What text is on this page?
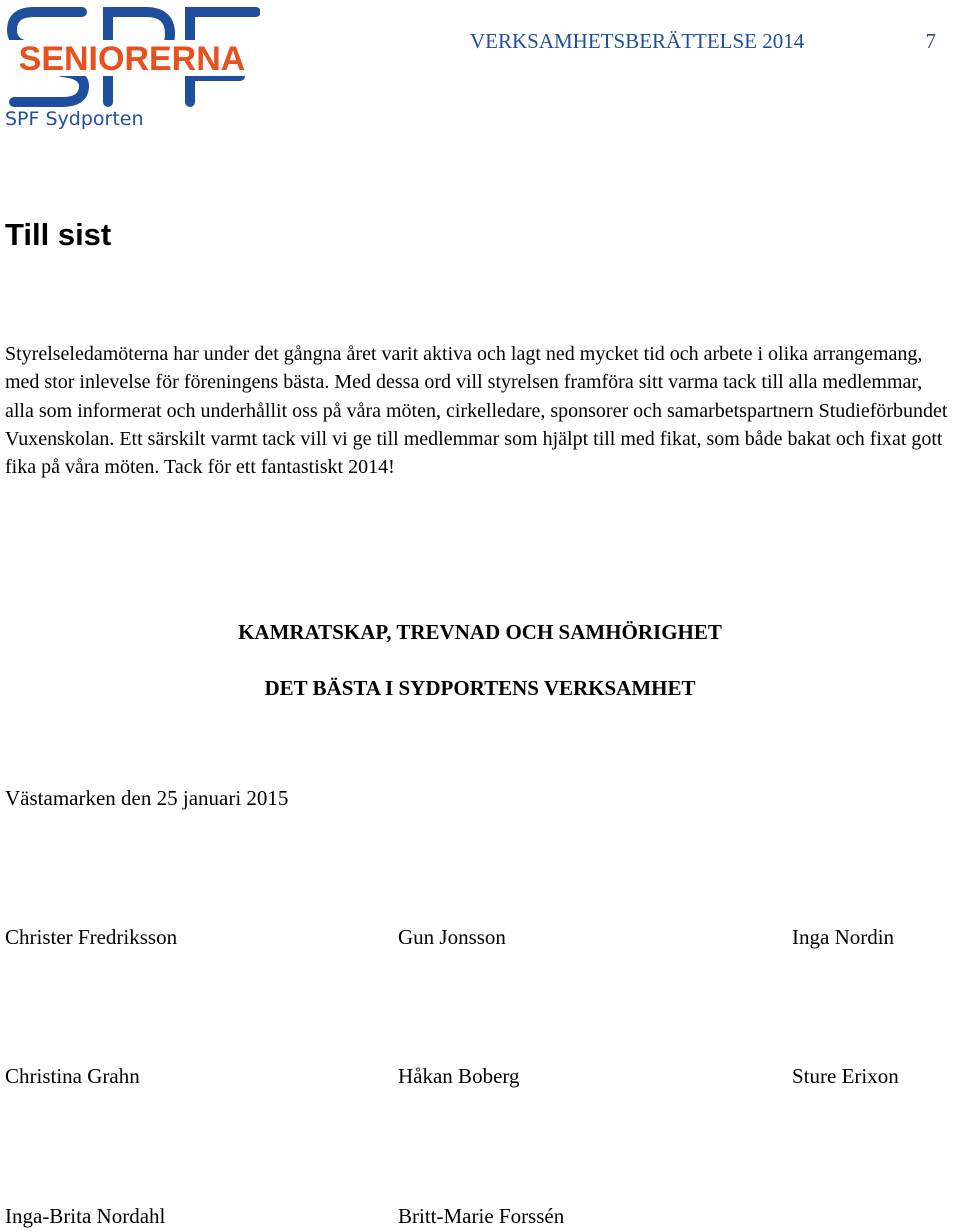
SENIORERNA
SPF Sydporten
VERKSAMHETSBERÄTTELSE 2014	7
Till sist

Styrelseledamöterna har under det gångna året varit aktiva och lagt ned mycket tid och arbete i olika arrangemang, med stor inlevelse för föreningens bästa. Med dessa ord vill styrelsen framföra sitt varma tack till alla medlemmar, alla som informerat och underhållit oss på våra möten, cirkelledare, sponsorer och samarbetspartnern Studieförbundet Vuxenskolan. Ett särskilt varmt tack vill vi ge till medlemmar som hjälpt till med fikat, som både bakat och fixat gott fika på våra möten. Tack för ett fantastiskt 2014!

KAMRATSKAP, TREVNAD OCH SAMHÖRIGHET

DET BÄSTA I SYDPORTENS VERKSAMHET

Västamarken den 25 januari 2015

Christer Fredriksson	Gun Jonsson	Inga Nordin
Christina Grahn	Håkan Boberg	Sture Erixon
Inga-Brita Nordahl	Britt-Marie Forssén
